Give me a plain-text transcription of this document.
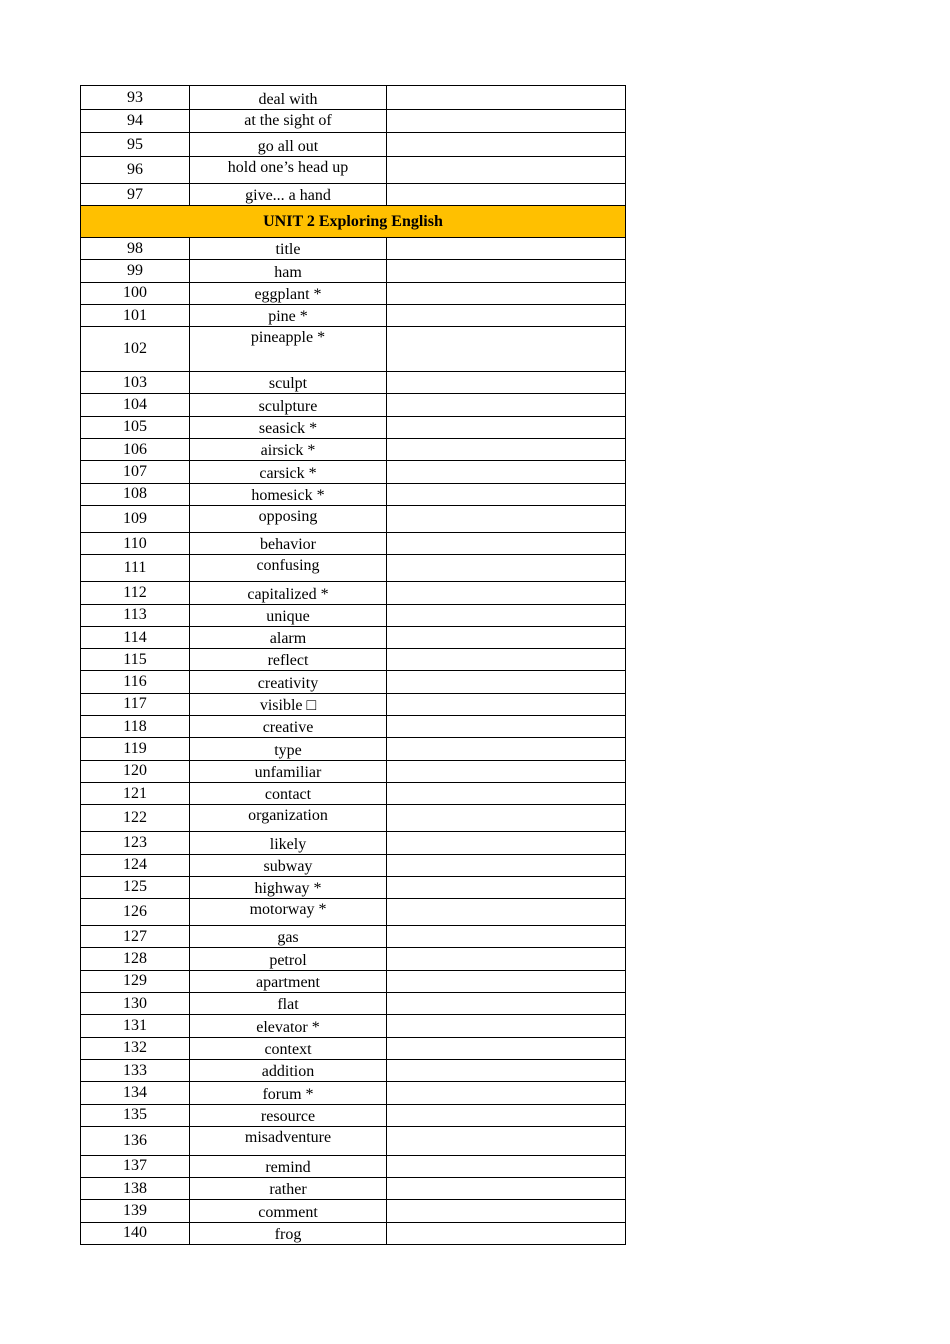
93	deal with	
94	at the sight of	
95	go all out	
96	hold one’s head up	
97	give... a hand	
UNIT 2 Exploring English		
98	title	
99	ham	
100	eggplant *	
101	pine *	
102	pineapple *	
103	sculpt	
104	sculpture	
105	seasick *	
106	airsick *	
107	carsick *	
108	homesick *	
109	opposing	
110	behavior	
111	confusing	
112	capitalized *	
113	unique	
114	alarm	
115	reflect	
116	creativity	
117	visible □	
118	creative	
119	type	
120	unfamiliar	
121	contact	
122	organization	
123	likely	
124	subway	
125	highway *	
126	motorway *	
127	gas	
128	petrol	
129	apartment	
130	flat	
131	elevator *	
132	context	
133	addition	
134	forum *	
135	resource	
136	misadventure	
137	remind	
138	rather	
139	comment	
140	frog	
